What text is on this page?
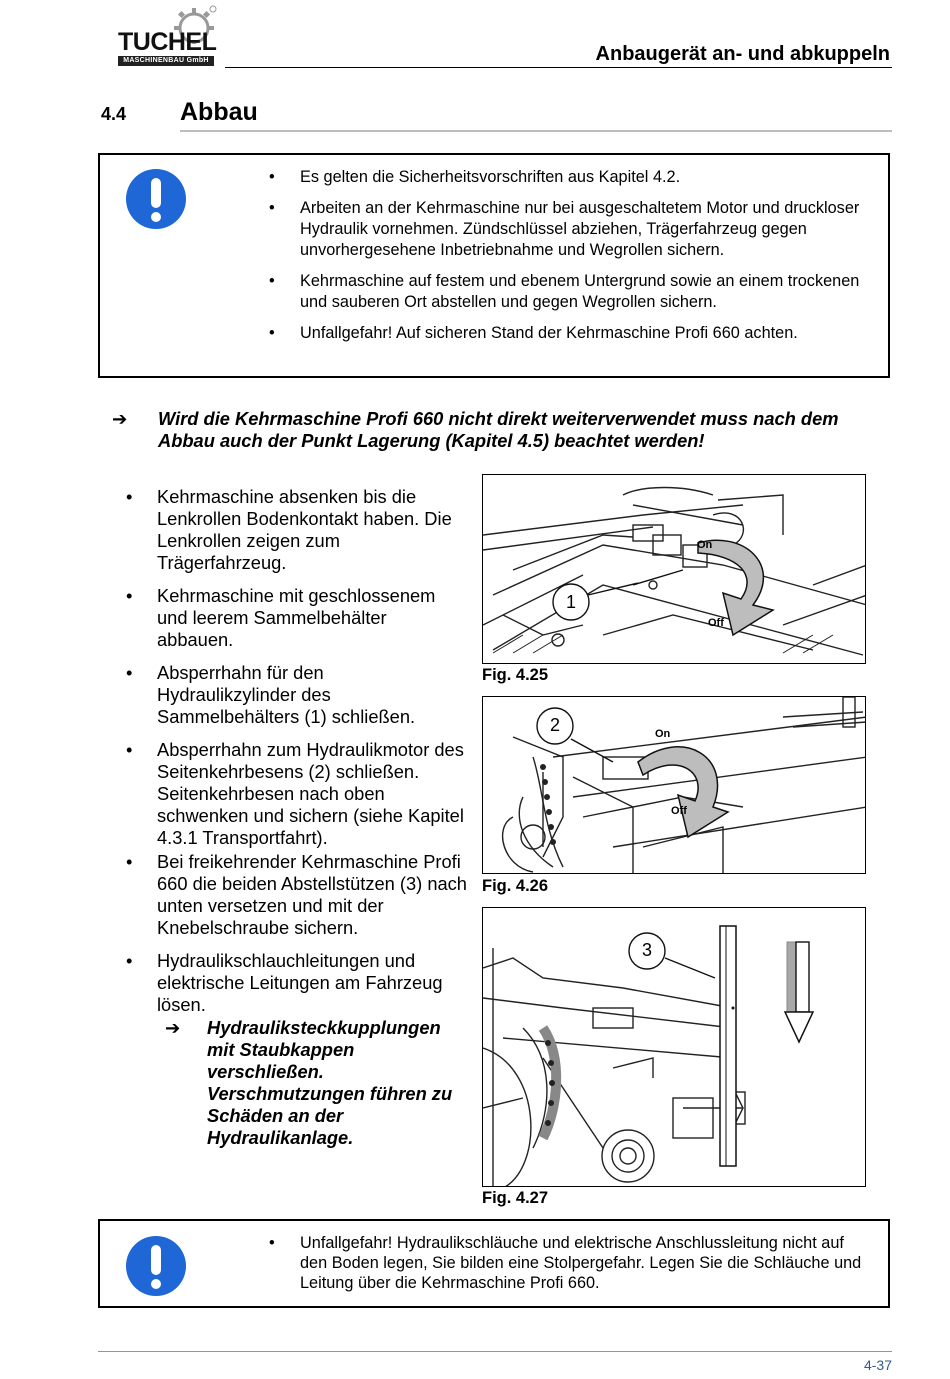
TUCHEL
MASCHINENBAU GmbH	Anbaugerät an- und abkuppeln
4.4 Abbau
• Es gelten die Sicherheitsvorschriften aus Kapitel 4.2.
• Arbeiten an der Kehrmaschine nur bei ausgeschaltetem Motor und druckloser Hydraulik vornehmen. Zündschlüssel abziehen, Trägerfahrzeug gegen unvorhergesehene Inbetriebnahme und Wegrollen sichern.
• Kehrmaschine auf festem und ebenem Untergrund sowie an einem trockenen und sauberen Ort abstellen und gegen Wegrollen sichern.
• Unfallgefahr! Auf sicheren Stand der Kehrmaschine Profi 660 achten.
➔ Wird die Kehrmaschine Profi 660 nicht direkt weiterverwendet muss nach dem Abbau auch der Punkt Lagerung (Kapitel 4.5) beachtet werden!
• Kehrmaschine absenken bis die Lenkrollen Bodenkontakt haben. Die Lenkrollen zeigen zum Trägerfahrzeug.
• Kehrmaschine mit geschlossenem und leerem Sammelbehälter abbauen.
• Absperrhahn für den Hydraulikzylinder des Sammelbehälters (1) schließen.
• Absperrhahn zum Hydraulikmotor des Seitenkehrbesens (2) schließen. Seitenkehrbesen nach oben schwenken und sichern (siehe Kapitel 4.3.1 Transportfahrt).
• Bei freikehrender Kehrmaschine Profi 660 die beiden Abstellstützen (3) nach unten versetzen und mit der Knebelschraube sichern.
• Hydraulikschlauchleitungen und elektrische Leitungen am Fahrzeug lösen.
➔ Hydrauliksteckkupplungen mit Staubkappen verschließen. Verschmutzungen führen zu Schäden an der Hydraulikanlage.
1
On
Off
Fig. 4.25
2	On
Off
Fig. 4.26
3
Fig. 4.27
• Unfallgefahr! Hydraulikschläuche und elektrische Anschlussleitung nicht auf den Boden legen, Sie bilden eine Stolpergefahr. Legen Sie die Schläuche und Leitung über die Kehrmaschine Profi 660.
4-37
